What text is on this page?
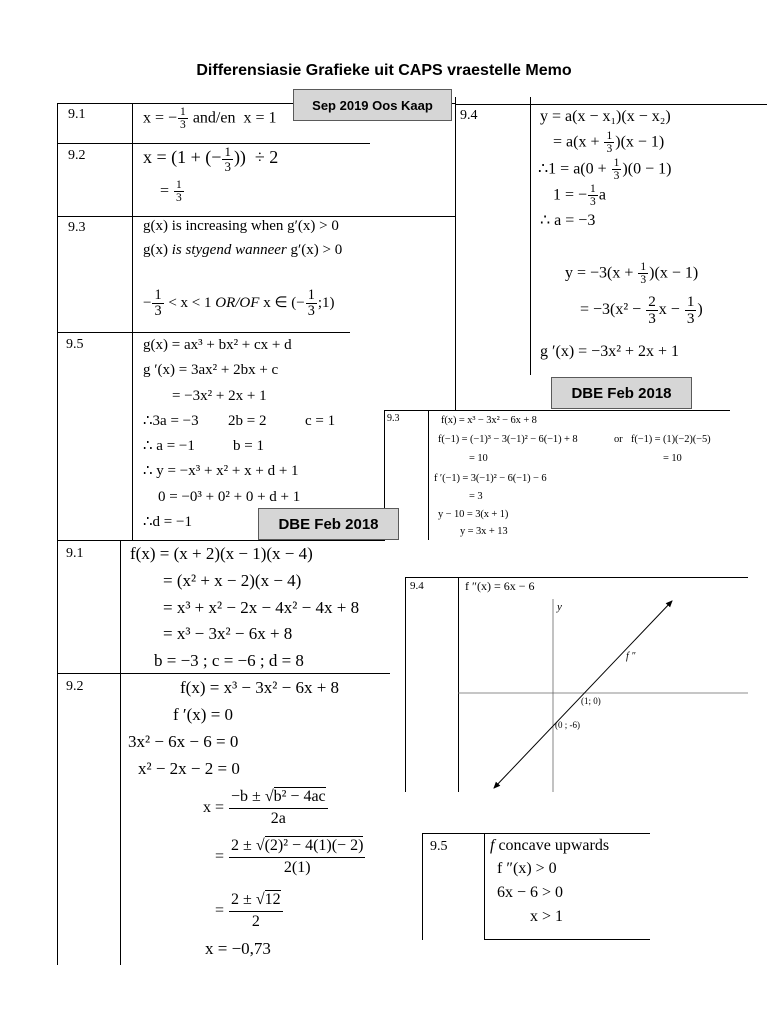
Differensiasie Grafieke uit CAPS vraestelle Memo
Sep 2019 Oos Kaap
DBE Feb 2018
DBE Feb 2018
9.1	x = − $\frac{1}{3} and/en$  x = 1
9.2	x = (1 + (− $\frac{1}{3}$ ))  ÷ 2
= $\frac{1}{3}$
9.3	g(x) is increasing when g′(x) > 0
g(x) is stygend wanneer g′(x) > 0
− $\frac{1}{3} < x < 1$ OR/OF x ∈ (− $\frac{1}{3}$ ;1)
9.5	g(x) = ax³ + bx² + cx + d
g ′(x) = 3ax² + 2bx + c
= −3x² + 2x + 1
∴3a = −3 2b = 2	c = 1
∴ a = −1	b = 1
∴ y = −x³ + x² + x + d + 1
0 = −0³ + 0² + 0 + d + 1
∴d = −1
9.4	y = a(x − x₁)(x − x₂)
= $a(x + \frac{1}{3} )(x - 1)$
∴1 = $a(0 + \frac{1}{3} )(0 - 1)$
1 = − $\frac{1}{3}$ a
∴ a = −3
$y = -3(x + \frac{1}{3} )(x - 1)$
= $-3(x^2 - \frac{2}{3}$ $x - \frac{1}{3}$ )
g ′(x) = −3x² + 2x + 1
9.3	f(x) = x³ − 3x² − 6x + 8
f(−1) = (−1)³ − 3(−1)² − 6(−1) + 8	or f(−1) = (1)(−2)(−5)
= 10	= 10
f ′(−1) = 3(−1)² − 6(−1) − 6
= 3
y − 10 = 3(x + 1)
y = 3x + 13
9.1	f(x) = (x + 2)(x − 1)(x − 4)
= (x² + x − 2)(x − 4)
= x³ + x² − 2x − 4x² − 4x + 8
= x³ − 3x² − 6x + 8
b = −3 ; c = −6 ; d = 8
9.2	f(x) = x³ − 3x² − 6x + 8
f ′(x) = 0
3x² − 6x − 6 = 0
x² − 2x − 2 = 0
$x = \frac{\text{−b ± √b² − 4ac}}{2a}$
= $\frac{\text{2 ± √(2)² − 4(1)(− 2)}}{2(1)}$
= $\frac{2 \pm √12}{2}$
x = −0,73
9.4	f ″(x) = 6x − 6
y
f ″
(1; 0)
(0 ; -6)
9.5	f concave upwards
f ″(x) > 0
6x − 6 > 0
x > 1
